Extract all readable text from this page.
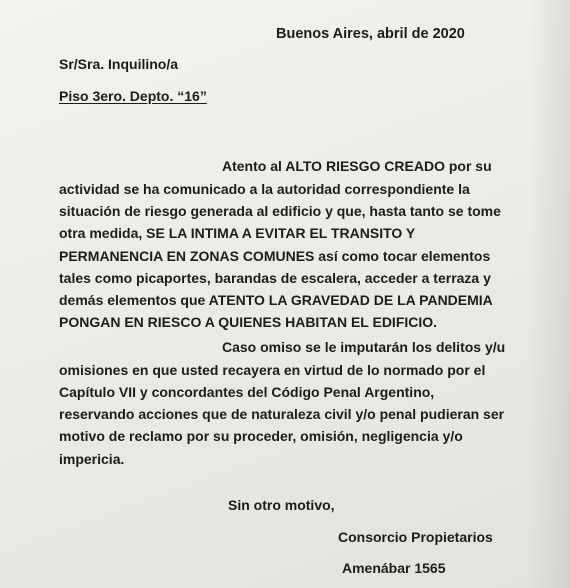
Buenos Aires, abril de 2020
Sr/Sra. Inquilino/a
Piso 3ero. Depto. “16”
Atento al ALTO RIESGO CREADO por su
actividad se ha comunicado a la autoridad correspondiente la
situación de riesgo generada al edificio y que, hasta tanto se tome
otra medida, SE LA INTIMA A EVITAR EL TRANSITO Y
PERMANENCIA EN ZONAS COMUNES así como tocar elementos
tales como picaportes, barandas de escalera, acceder a terraza y
demás elementos que ATENTO LA GRAVEDAD DE LA PANDEMIA
PONGAN EN RIESCO A QUIENES HABITAN EL EDIFICIO.
Caso omiso se le imputarán los delitos y/u
omisiones en que usted recayera en virtud de lo normado por el
Capítulo VII y concordantes del Código Penal Argentino,
reservando acciones que de naturaleza civil y/o penal pudieran ser
motivo de reclamo por su proceder, omisión, negligencia y/o
impericia.
Sin otro motivo,
Consorcio Propietarios
Amenábar 1565
